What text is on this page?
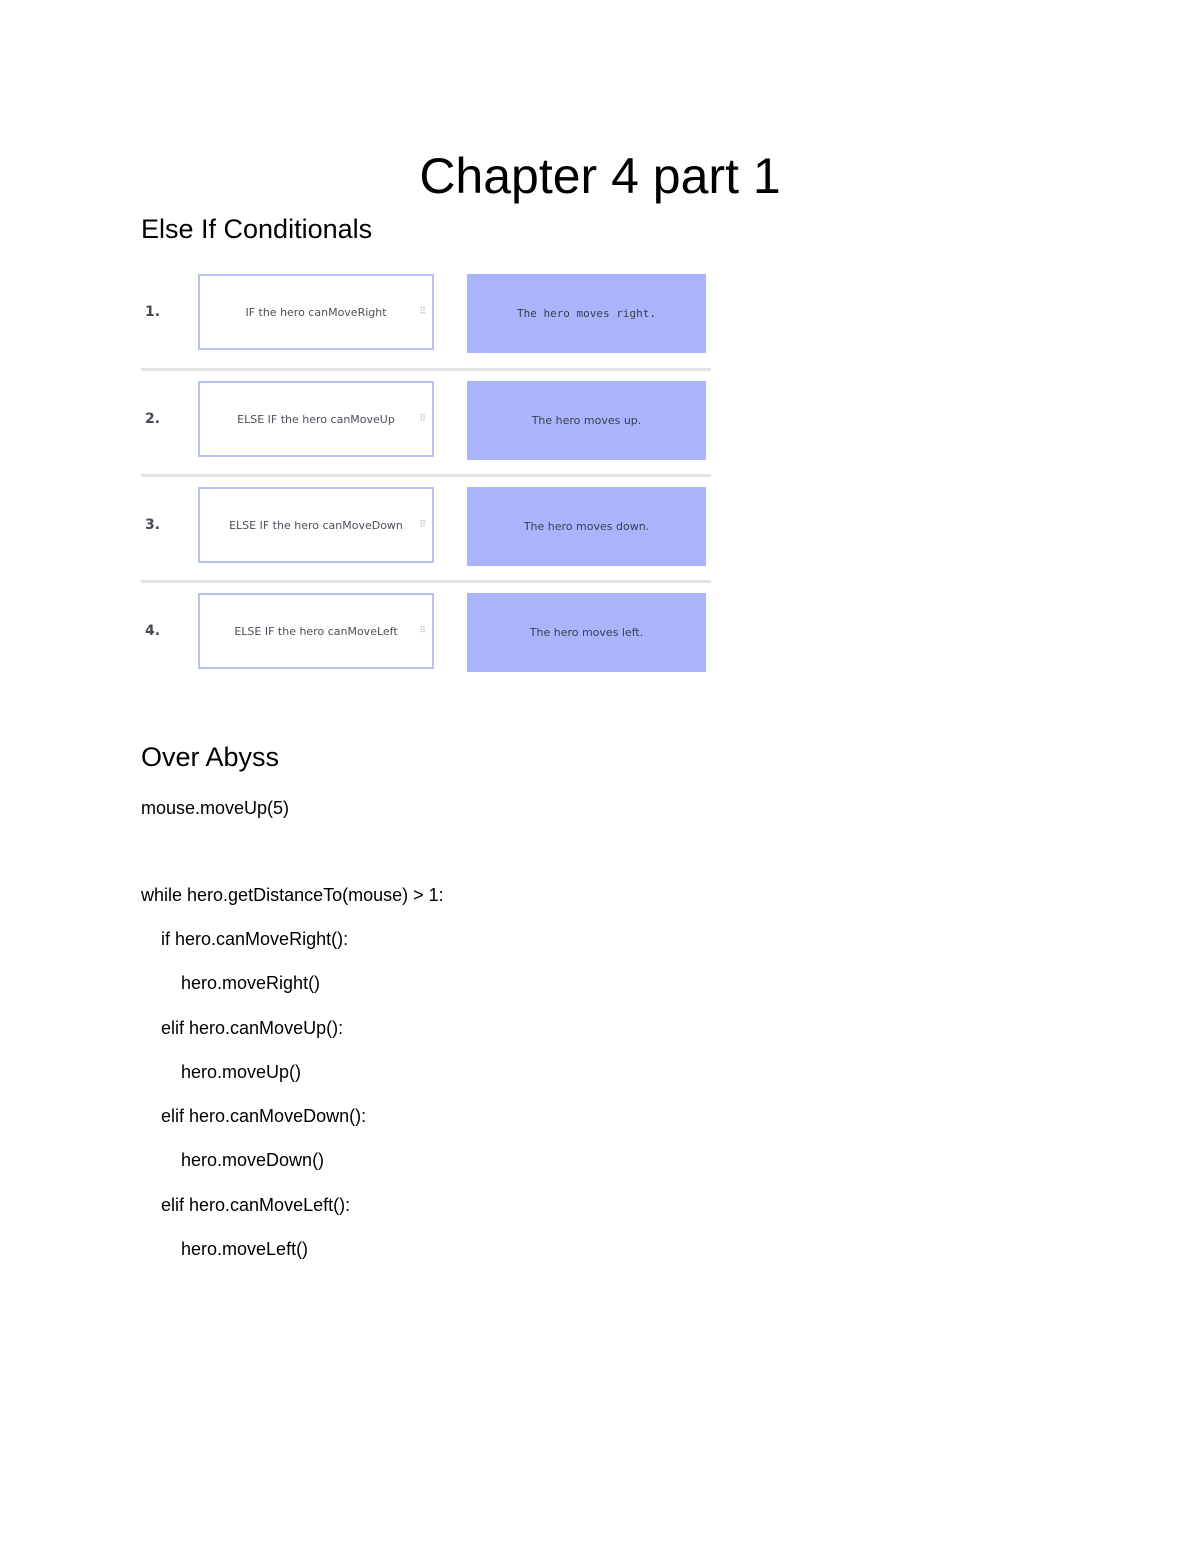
Chapter 4 part 1
Else If Conditionals
1.	IF the hero canMoveRight	⠿	The hero moves right.
2.	ELSE IF the hero canMoveUp	⠿	The hero moves up.
3.	ELSE IF the hero canMoveDown ⠿	The hero moves down.
4.	ELSE IF the hero canMoveLeft ⠿	The hero moves left.
Over Abyss
mouse.moveUp(5)
while hero.getDistanceTo(mouse) > 1:
if hero.canMoveRight():
hero.moveRight()
elif hero.canMoveUp():
hero.moveUp()
elif hero.canMoveDown():
hero.moveDown()
elif hero.canMoveLeft():
hero.moveLeft()
